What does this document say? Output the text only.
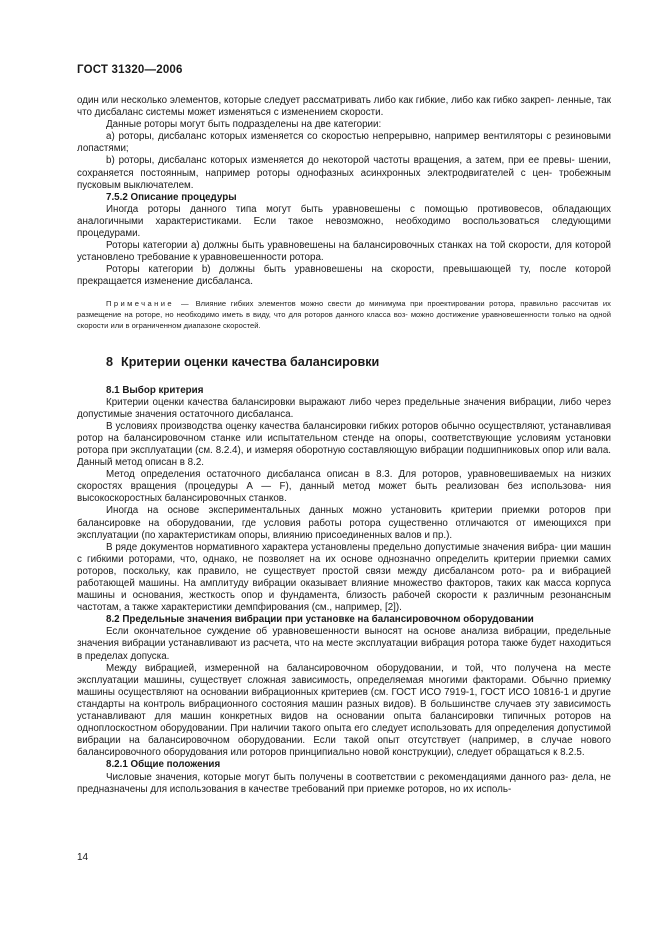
ГОСТ 31320—2006

один или несколько элементов, которые следует рассматривать либо как гибкие, либо как гибко закреп- ленные, так что дисбаланс системы может изменяться с изменением скорости.

Данные роторы могут быть подразделены на две категории:

a) роторы, дисбаланс которых изменяется со скоростью непрерывно, например вентиляторы с резиновыми лопастями;

b) роторы, дисбаланс которых изменяется до некоторой частоты вращения, а затем, при ее превы- шении, сохраняется постоянным, например роторы однофазных асинхронных электродвигателей с цен- тробежным пусковым выключателем.

7.5.2 Описание процедуры

Иногда роторы данного типа могут быть уравновешены с помощью противовесов, обладающих аналогичными характеристиками. Если такое невозможно, необходимо воспользоваться следующими процедурами.

Роторы категории а) должны быть уравновешены на балансировочных станках на той скорости, для которой установлено требование к уравновешенности ротора.

Роторы категории b) должны быть уравновешены на скорости, превышающей ту, после которой прекращается изменение дисбаланса.

Примечание — Влияние гибких элементов можно свести до минимума при проектировании ротора, правильно рассчитав их размещение на роторе, но необходимо иметь в виду, что для роторов данного класса воз- можно достижение уравновешенности только на одной скорости или в ограниченном диапазоне скоростей.

8 Критерии оценки качества балансировки

8.1 Выбор критерия

Критерии оценки качества балансировки выражают либо через предельные значения вибрации, либо через допустимые значения остаточного дисбаланса.

В условиях производства оценку качества балансировки гибких роторов обычно осуществляют, устанавливая ротор на балансировочном станке или испытательном стенде на опоры, соответствующие условиям установки ротора при эксплуатации (см. 8.2.4), и измеряя оборотную составляющую вибрации подшипниковых опор или вала. Данный метод описан в 8.2.

Метод определения остаточного дисбаланса описан в 8.3. Для роторов, уравновешиваемых на низких скоростях вращения (процедуры А — F), данный метод может быть реализован без использова- ния высокоскоростных балансировочных станков.

Иногда на основе экспериментальных данных можно установить критерии приемки роторов при балансировке на оборудовании, где условия работы ротора существенно отличаются от имеющихся при эксплуатации (по характеристикам опоры, влиянию присоединенных валов и пр.).

В ряде документов нормативного характера установлены предельно допустимые значения вибра- ции машин с гибкими роторами, что, однако, не позволяет на их основе однозначно определить критерии приемки самих роторов, поскольку, как правило, не существует простой связи между дисбалансом рото- ра и вибрацией работающей машины. На амплитуду вибрации оказывает влияние множество факторов, таких как масса корпуса машины и основания, жесткость опор и фундамента, близость рабочей скорости к различным резонансным частотам, а также характеристики демпфирования (см., например, [2]).

8.2 Предельные значения вибрации при установке на балансировочном оборудовании

Если окончательное суждение об уравновешенности выносят на основе анализа вибрации, предельные значения вибрации устанавливают из расчета, что на месте эксплуатации вибрация ротора также будет находиться в пределах допуска.

Между вибрацией, измеренной на балансировочном оборудовании, и той, что получена на месте эксплуатации машины, существует сложная зависимость, определяемая многими факторами. Обычно приемку машины осуществляют на основании вибрационных критериев (см. ГОСТ ИСО 7919-1, ГОСТ ИСО 10816-1 и другие стандарты на контроль вибрационного состояния машин разных видов). В большинстве случаев эту зависимость устанавливают для машин конкретных видов на основании опыта балансировки типичных роторов на одноплоскостном оборудовании. При наличии такого опыта его следует использовать для определения допустимой вибрации на балансировочном оборудовании. Если такой опыт отсутствует (например, в случае нового балансировочного оборудования или роторов принципиально новой конструкции), следует обращаться к 8.2.5.

8.2.1 Общие положения

Числовые значения, которые могут быть получены в соответствии с рекомендациями данного раз- дела, не предназначены для использования в качестве требований при приемке роторов, но их исполь-

14
